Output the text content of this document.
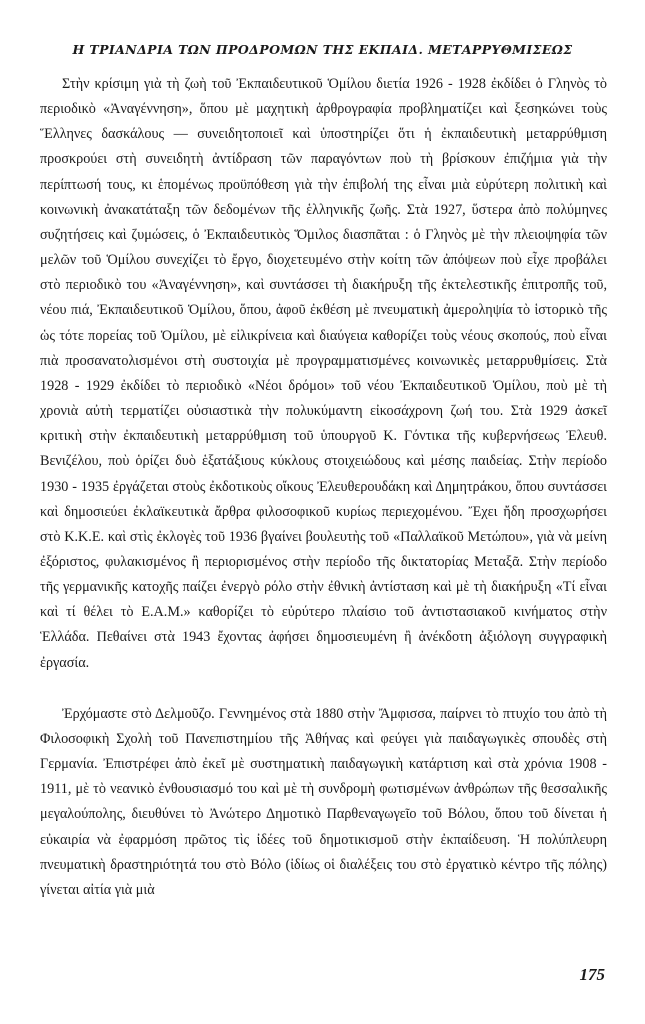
Η ΤΡΙΑΝΔΡΙΑ ΤΩΝ ΠΡΟΔΡΟΜΩΝ ΤΗΣ ΕΚΠΑΙΔ. ΜΕΤΑΡΡΥΘΜΙΣΕΩΣ

Στὴν κρίσιμη γιὰ τὴ ζωὴ τοῦ Ἐκπαιδευτικοῦ Ὁμίλου διετία 1926 - 1928 ἐκδίδει ὁ Γληνὸς τὸ περιοδικὸ «Ἀναγέννηση», ὅπου μὲ μαχητικὴ ἀρθρογραφία προβληματίζει καὶ ξεσηκώνει τοὺς Ἕλληνες δασκάλους — συνειδητοποιεῖ καὶ ὑποστηρίζει ὅτι ἡ ἐκπαιδευτικὴ μεταρρύθμιση προσκρούει στὴ συνειδητὴ ἀντίδραση τῶν παραγόντων ποὺ τὴ βρίσκουν ἐπιζήμια γιὰ τὴν περίπτωσή τους, κι ἑπομένως προϋπόθεση γιὰ τὴν ἐπιβολή της εἶναι μιὰ εὐρύτερη πολιτικὴ καὶ κοινωνικὴ ἀνακατάταξη τῶν δεδομένων τῆς ἑλληνικῆς ζωῆς. Στὰ 1927, ὕστερα ἀπὸ πολύμηνες συζητήσεις καὶ ζυμώσεις, ὁ Ἐκπαιδευτικὸς Ὅμιλος διασπᾶται : ὁ Γληνὸς μὲ τὴν πλειοψηφία τῶν μελῶν τοῦ Ὁμίλου συνεχίζει τὸ ἔργο, διοχετευμένο στὴν κοίτη τῶν ἀπόψεων ποὺ εἶχε προβάλει στὸ περιοδικὸ του «Ἀναγέννηση», καὶ συντάσσει τὴ διακήρυξη τῆς ἐκτελεστικῆς ἐπιτροπῆς τοῦ, νέου πιά, Ἐκπαιδευτικοῦ Ὁμίλου, ὅπου, ἀφοῦ ἐκθέση μὲ πνευματικὴ ἀμεροληψία τὸ ἱστορικὸ τῆς ὡς τότε πορείας τοῦ Ὁμίλου, μὲ εἰλικρίνεια καὶ διαύγεια καθορίζει τοὺς νέους σκοπούς, ποὺ εἶναι πιὰ προσανατολισμένοι στὴ συστοιχία μὲ προγραμματισμένες κοινωνικὲς μεταρρυθμίσεις. Στὰ 1928 - 1929 ἐκδίδει τὸ περιοδικὸ «Νέοι δρόμοι» τοῦ νέου Ἐκπαιδευτικοῦ Ὁμίλου, ποὺ μὲ τὴ χρονιὰ αὐτὴ τερματίζει οὐσιαστικὰ τὴν πολυκύμαντη εἰκοσάχρονη ζωή του. Στὰ 1929 ἀσκεῖ κριτικὴ στὴν ἐκπαιδευτικὴ μεταρρύθμιση τοῦ ὑπουργοῦ Κ. Γόντικα τῆς κυβερνήσεως Ἐλευθ. Βενιζέλου, ποὺ ὁρίζει δυὸ ἑξατάξιους κύκλους στοιχειώδους καὶ μέσης παιδείας. Στὴν περίοδο 1930 - 1935 ἐργάζεται στοὺς ἐκδοτικοὺς οἴκους Ἐλευθερουδάκη καὶ Δημητράκου, ὅπου συντάσσει καὶ δημοσιεύει ἐκλαϊκευτικὰ ἄρθρα φιλοσοφικοῦ κυρίως περιεχομένου. Ἔχει ἤδη προσχωρήσει στὸ Κ.Κ.Ε. καὶ στὶς ἐκλογὲς τοῦ 1936 βγαίνει βουλευτὴς τοῦ «Παλλαϊκοῦ Μετώπου», γιὰ νὰ μείνη ἐξόριστος, φυλακισμένος ἢ περιορισμένος στὴν περίοδο τῆς δικτατορίας Μεταξᾶ. Στὴν περίοδο τῆς γερμανικῆς κατοχῆς παίζει ἐνεργὸ ρόλο στὴν ἐθνικὴ ἀντίσταση καὶ μὲ τὴ διακήρυξη «Τί εἶναι καὶ τί θέλει τὸ Ε.Α.Μ.» καθορίζει τὸ εὐρύτερο πλαίσιο τοῦ ἀντιστασιακοῦ κινήματος στὴν Ἑλλάδα. Πεθαίνει στὰ 1943 ἔχοντας ἀφήσει δημοσιευμένη ἢ ἀνέκδοτη ἀξιόλογη συγγραφικὴ ἐργασία.

Ἐρχόμαστε στὸ Δελμοῦζο. Γεννημένος στὰ 1880 στὴν Ἄμφισσα, παίρνει τὸ πτυχίο του ἀπὸ τὴ Φιλοσοφικὴ Σχολὴ τοῦ Πανεπιστημίου τῆς Ἀθήνας καὶ φεύγει γιὰ παιδαγωγικὲς σπουδὲς στὴ Γερμανία. Ἐπιστρέφει ἀπὸ ἐκεῖ μὲ συστηματικὴ παιδαγωγικὴ κατάρτιση καὶ στὰ χρόνια 1908 - 1911, μὲ τὸ νεανικὸ ἐνθουσιασμό του καὶ μὲ τὴ συνδρομὴ φωτισμένων ἀνθρώπων τῆς θεσσαλικῆς μεγαλούπολης, διευθύνει τὸ Ἀνώτερο Δημοτικὸ Παρθεναγωγεῖο τοῦ Βόλου, ὅπου τοῦ δίνεται ἡ εὐκαιρία νὰ ἐφαρμόση πρῶτος τὶς ἰδέες τοῦ δημοτικισμοῦ στὴν ἐκπαίδευση. Ἡ πολύπλευρη πνευματικὴ δραστηριότητά του στὸ Βόλο (ἰδίως οἱ διαλέξεις του στὸ ἐργατικὸ κέντρο τῆς πόλης) γίνεται αἰτία γιὰ μιὰ

175
